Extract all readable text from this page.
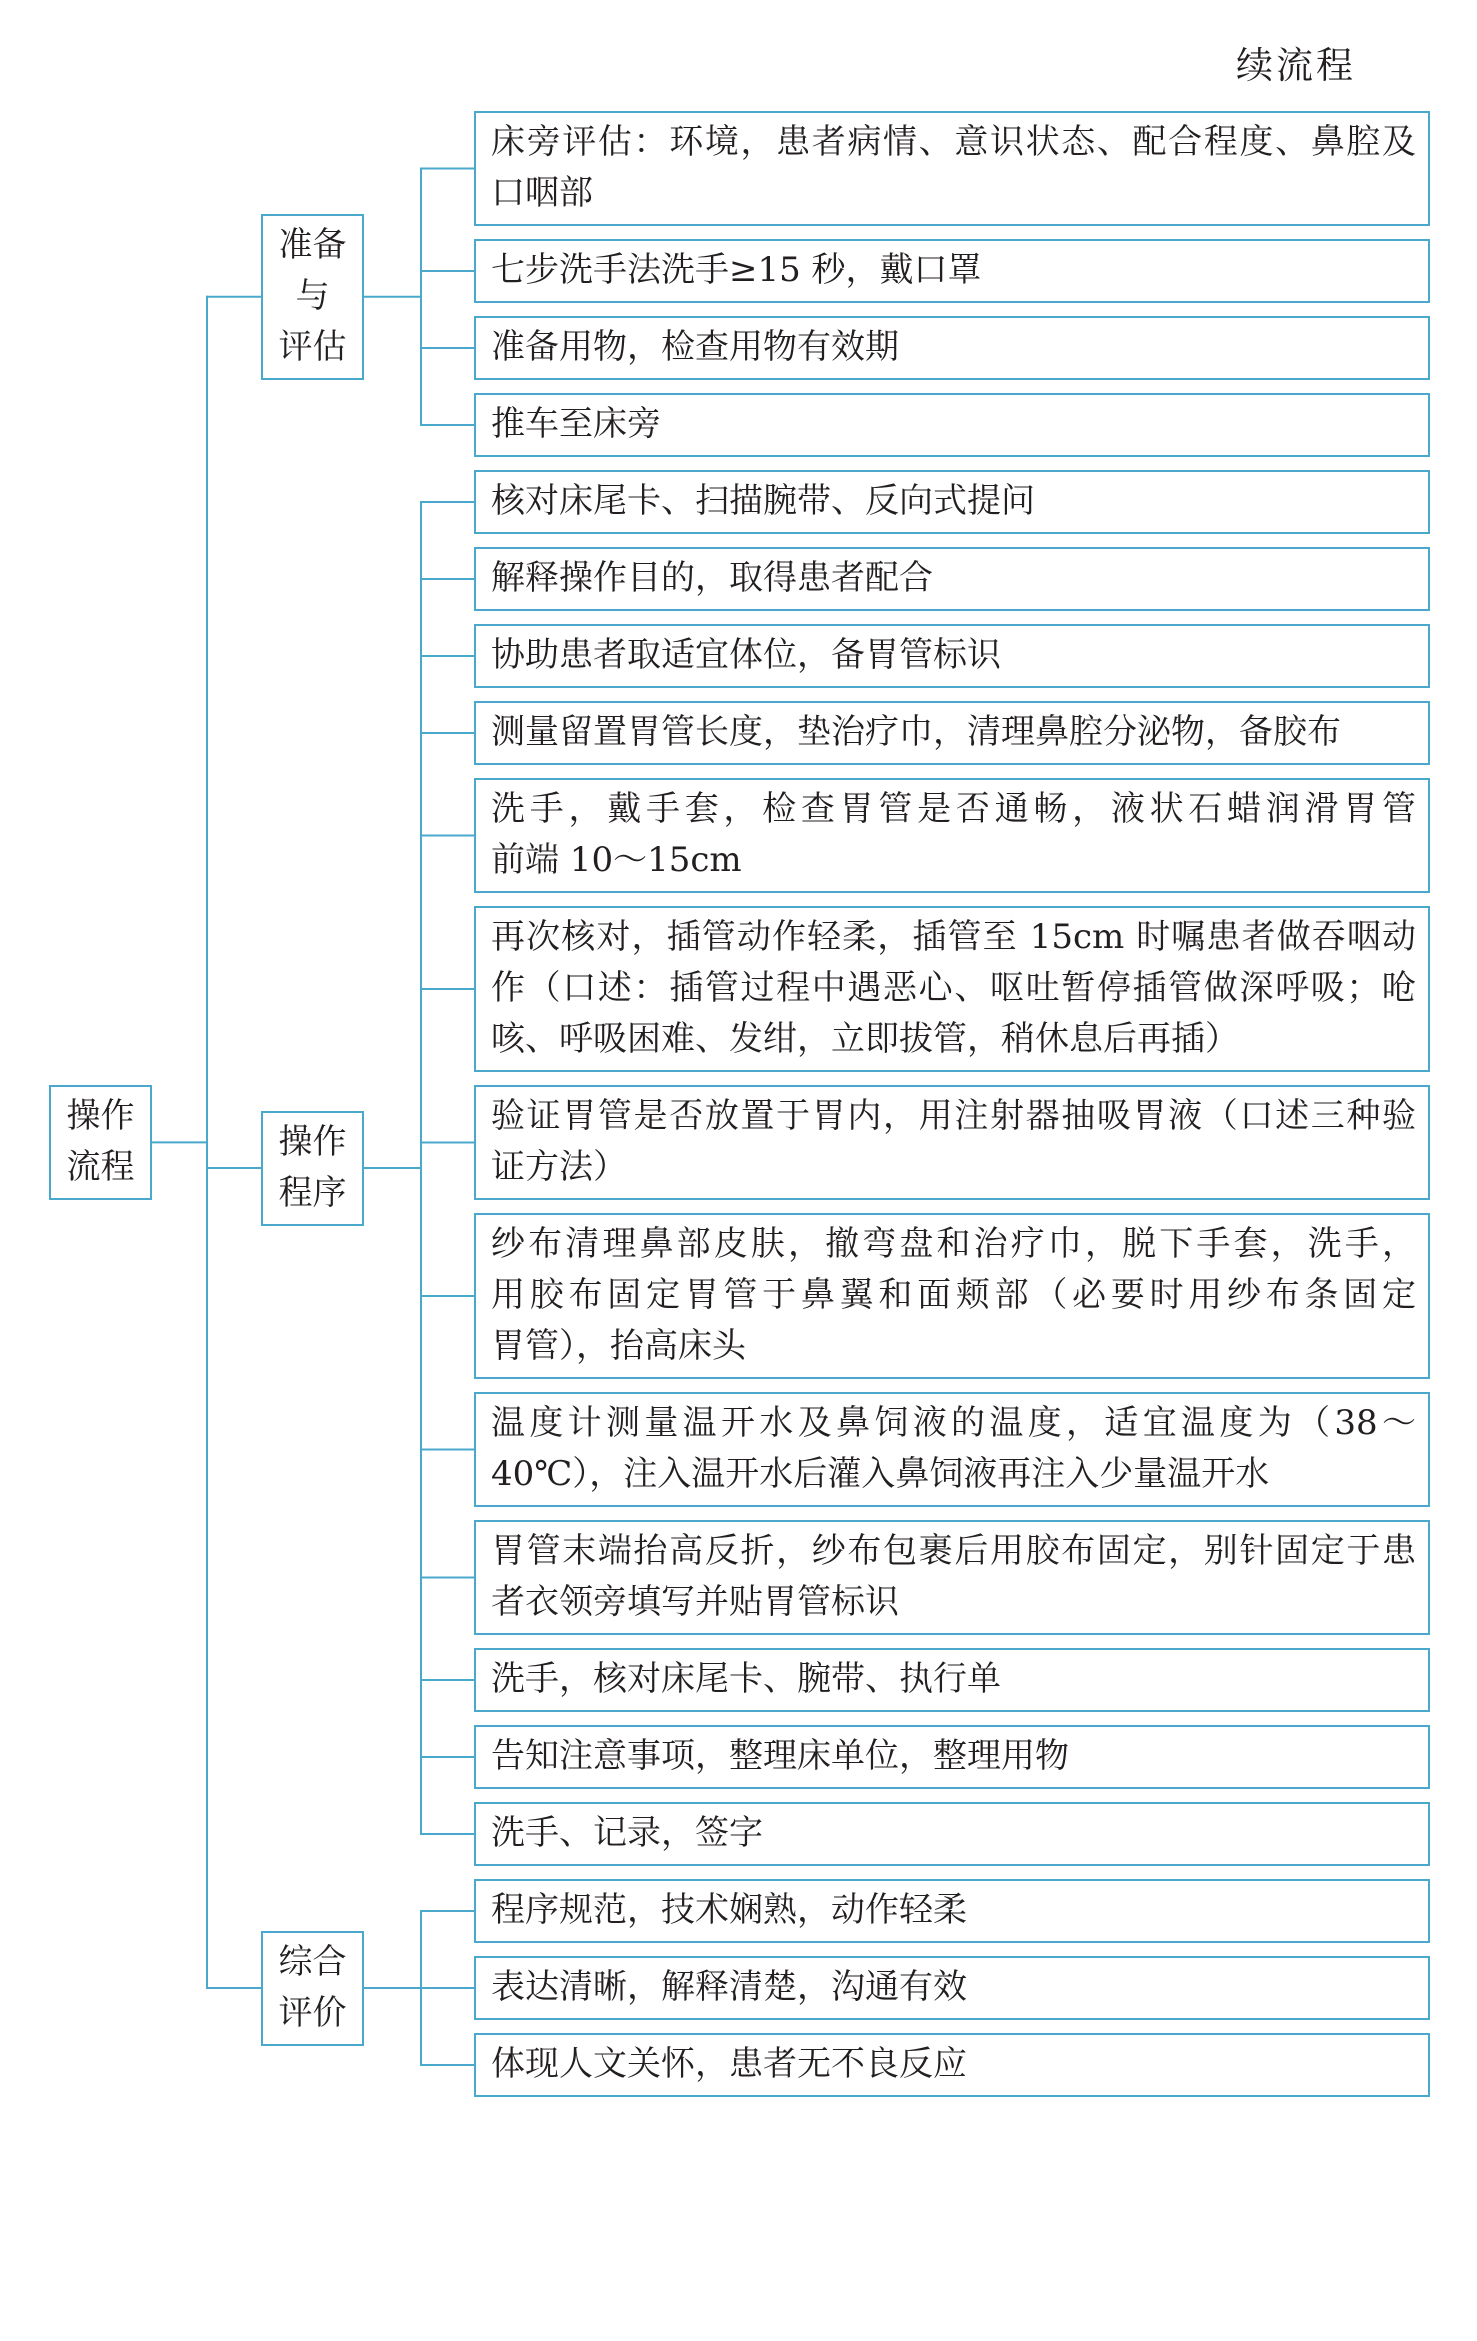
续流程
操作
流程
准备
与
评估
操作
程序
综合
评价
床旁评估：环境，患者病情、意识状态、配合程度、鼻腔及
口咽部
七步洗手法洗手≥15 秒，戴口罩
准备用物，检查用物有效期
推车至床旁
核对床尾卡、扫描腕带、反向式提问
解释操作目的，取得患者配合
协助患者取适宜体位，备胃管标识
测量留置胃管长度，垫治疗巾，清理鼻腔分泌物，备胶布
洗手，戴手套，检查胃管是否通畅，液状石蜡润滑胃管
前端 10～15cm
再次核对，插管动作轻柔，插管至 15cm 时嘱患者做吞咽动
作（口述：插管过程中遇恶心、呕吐暂停插管做深呼吸；呛
咳、呼吸困难、发绀，立即拔管，稍休息后再插）
验证胃管是否放置于胃内，用注射器抽吸胃液（口述三种验
证方法）
纱布清理鼻部皮肤，撤弯盘和治疗巾，脱下手套，洗手，
用胶布固定胃管于鼻翼和面颊部（必要时用纱布条固定
胃管），抬高床头
温度计测量温开水及鼻饲液的温度，适宜温度为（38～
40℃），注入温开水后灌入鼻饲液再注入少量温开水
胃管末端抬高反折，纱布包裹后用胶布固定，别针固定于患
者衣领旁填写并贴胃管标识
洗手，核对床尾卡、腕带、执行单
告知注意事项，整理床单位，整理用物
洗手、记录，签字
程序规范，技术娴熟，动作轻柔
表达清晰，解释清楚，沟通有效
体现人文关怀，患者无不良反应
